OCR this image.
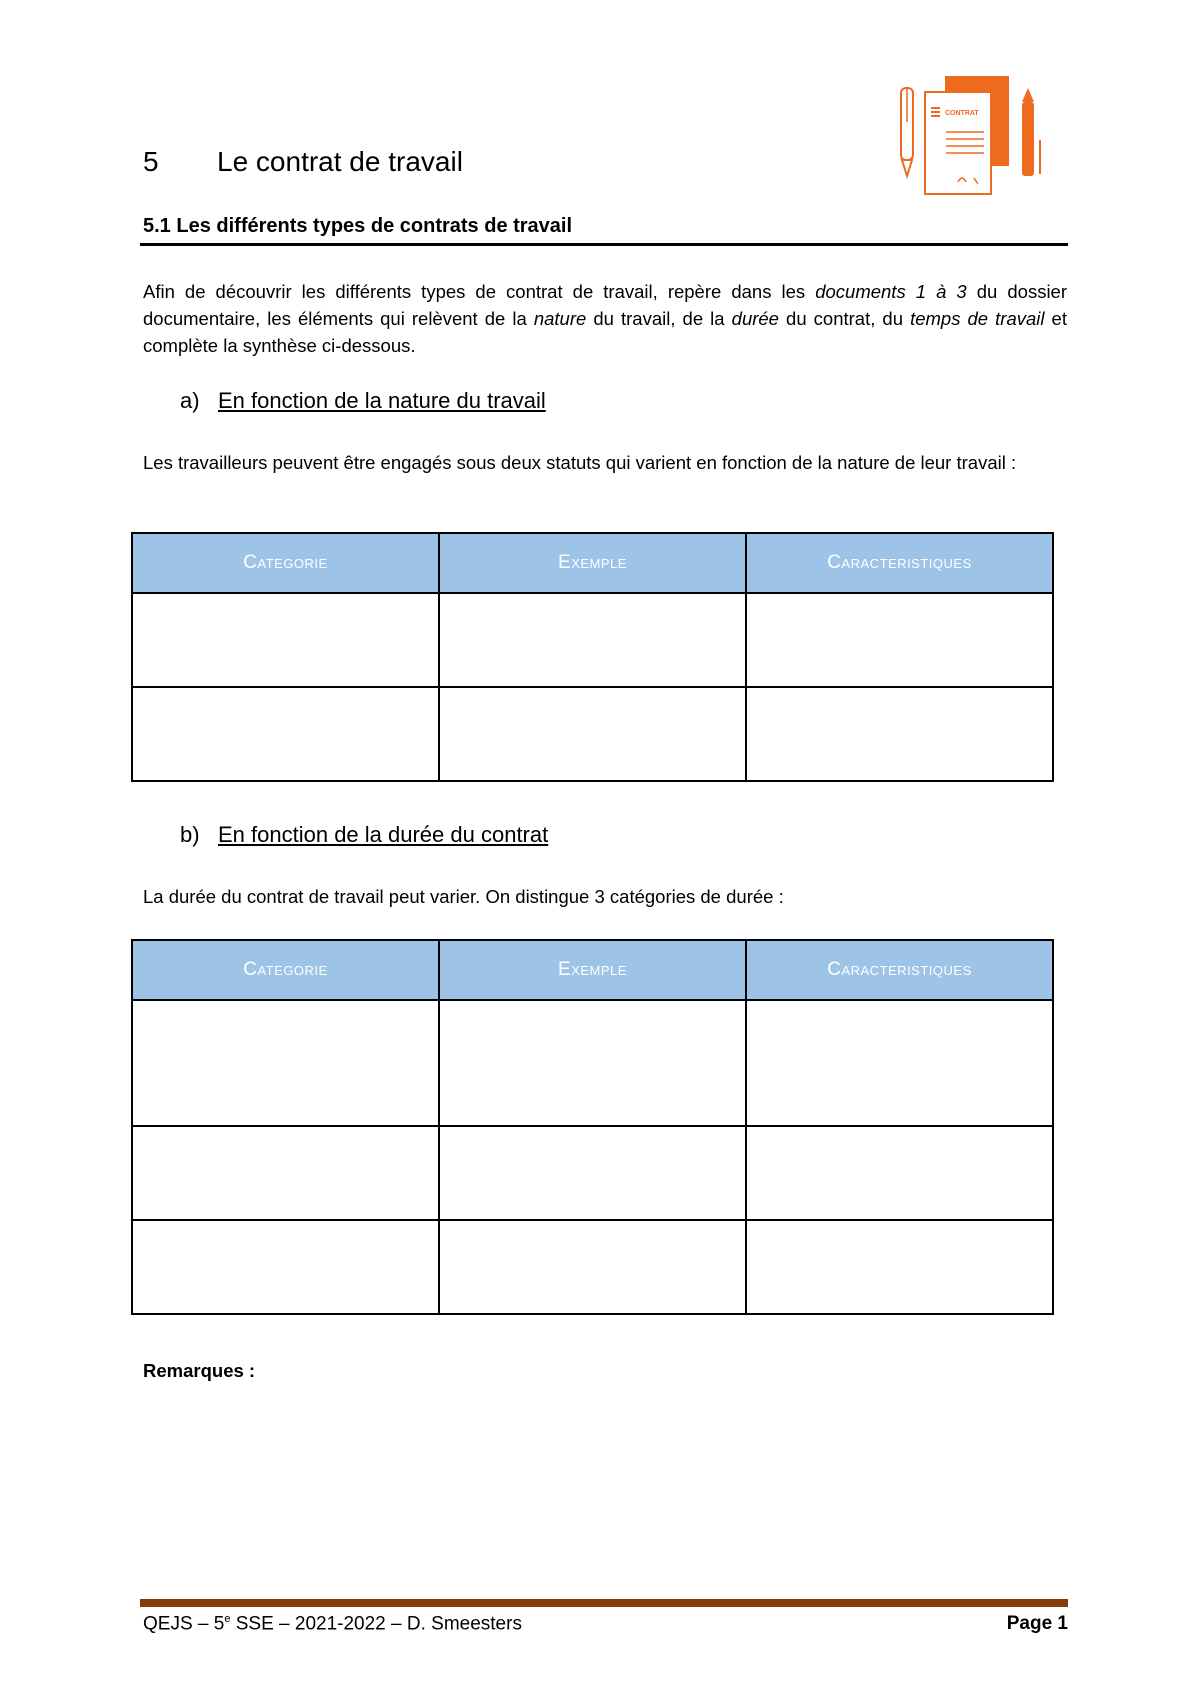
CONTRAT
5 Le contrat de travail
5.1 Les différents types de contrats de travail
Afin de découvrir les différents types de contrat de travail, repère dans les documents 1 à 3 du dossier documentaire, les éléments qui relèvent de la nature du travail, de la durée du contrat, du temps de travail et complète la synthèse ci-dessous.
a) En fonction de la nature du travail
Les travailleurs peuvent être engagés sous deux statuts qui varient en fonction de la nature de leur travail :
Categorie	Exemple	Caracteristiques

b) En fonction de la durée du contrat
La durée du contrat de travail peut varier. On distingue 3 catégories de durée :
Categorie	Exemple	Caracteristiques

Remarques :
QEJS – 5e SSE – 2021-2022 – D. Smeesters	Page 1
